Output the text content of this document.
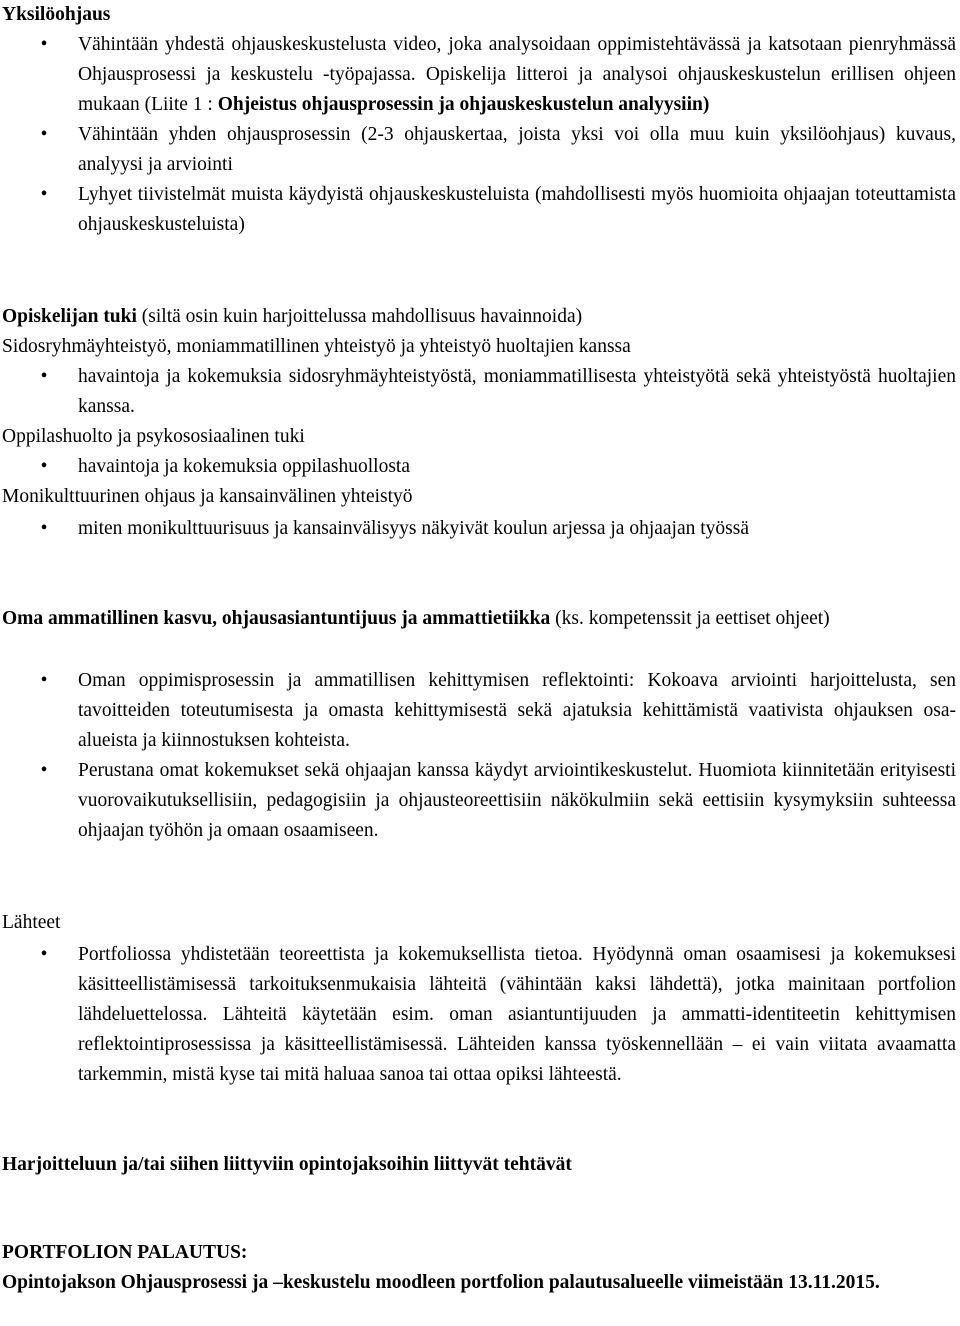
Yksilöohjaus
• Vähintään yhdestä ohjauskeskustelusta video, joka analysoidaan oppimistehtävässä ja katsotaan pienryhmässä Ohjausprosessi ja keskustelu -työpajassa. Opiskelija litteroi ja analysoi ohjauskeskustelun erillisen ohjeen mukaan (Liite 1 : Ohjeistus ohjausprosessin ja ohjauskeskustelun analyysiin)
• Vähintään yhden ohjausprosessin (2-3 ohjauskertaa, joista yksi voi olla muu kuin yksilöohjaus) kuvaus, analyysi ja arviointi
• Lyhyet tiivistelmät muista käydyistä ohjauskeskusteluista (mahdollisesti myös huomioita ohjaajan toteuttamista ohjauskeskusteluista)
Opiskelijan tuki (siltä osin kuin harjoittelussa mahdollisuus havainnoida)
Sidosryhmäyhteistyö, moniammatillinen yhteistyö ja yhteistyö huoltajien kanssa
• havaintoja ja kokemuksia sidosryhmäyhteistyöstä, moniammatillisesta yhteistyötä sekä yhteistyöstä huoltajien kanssa.
Oppilashuolto ja psykososiaalinen tuki
• havaintoja ja kokemuksia oppilashuollosta
Monikulttuurinen ohjaus ja kansainvälinen yhteistyö
• miten monikulttuurisuus ja kansainvälisyys näkyivät koulun arjessa ja ohjaajan työssä
Oma ammatillinen kasvu, ohjausasiantuntijuus ja ammattietiikka (ks. kompetenssit ja eettiset ohjeet)
• Oman oppimisprosessin ja ammatillisen kehittymisen reflektointi: Kokoava arviointi harjoittelusta, sen tavoitteiden toteutumisesta ja omasta kehittymisestä sekä ajatuksia kehittämistä vaativista ohjauksen osa-alueista ja kiinnostuksen kohteista.
• Perustana omat kokemukset sekä ohjaajan kanssa käydyt arviointikeskustelut. Huomiota kiinnitetään erityisesti vuorovaikutuksellisiin, pedagogisiin ja ohjausteoreettisiin näkökulmiin sekä eettisiin kysymyksiin suhteessa ohjaajan työhön ja omaan osaamiseen.
Lähteet
• Portfoliossa yhdistetään teoreettista ja kokemuksellista tietoa. Hyödynnä oman osaamisesi ja kokemuksesi käsitteellistämisessä tarkoituksenmukaisia lähteitä (vähintään kaksi lähdettä), jotka mainitaan portfolion lähdeluettelossa. Lähteitä käytetään esim. oman asiantuntijuuden ja ammatti-identiteetin kehittymisen reflektointiprosessissa ja käsitteellistämisessä. Lähteiden kanssa työskennellään – ei vain viitata avaamatta tarkemmin, mistä kyse tai mitä haluaa sanoa tai ottaa opiksi lähteestä.
Harjoitteluun ja/tai siihen liittyviin opintojaksoihin liittyvät tehtävät
PORTFOLION PALAUTUS:
Opintojakson Ohjausprosessi ja –keskustelu moodleen portfolion palautusalueelle viimeistään 13.11.2015.
